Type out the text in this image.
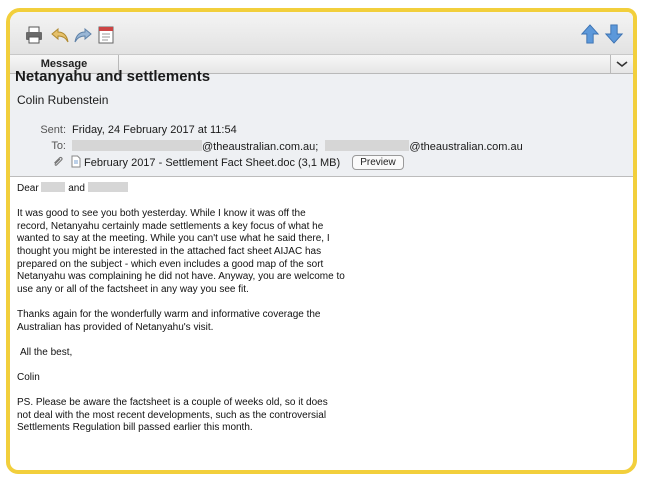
Message
Netanyahu and settlements
Colin Rubenstein
Sent: Friday, 24 February 2017 at 11:54
To:	@theaustralian.com.au;	@theaustralian.com.au
February 2017 - Settlement Fact Sheet.doc (3,1 MB)	Preview

Dear	and

It was good to see you both yesterday. While I know it was off the

record, Netanyahu certainly made settlements a key focus of what he

wanted to say at the meeting. While you can't use what he said there, I

thought you might be interested in the attached fact sheet AIJAC has

prepared on the subject - which even includes a good map of the sort

Netanyahu was complaining he did not have. Anyway, you are welcome to

use any or all of the factsheet in any way you see fit.

Thanks again for the wonderfully warm and informative coverage the

Australian has provided of Netanyahu's visit.

All the best,

Colin

PS. Please be aware the factsheet is a couple of weeks old, so it does

not deal with the most recent developments, such as the controversial

Settlements Regulation bill passed earlier this month.
